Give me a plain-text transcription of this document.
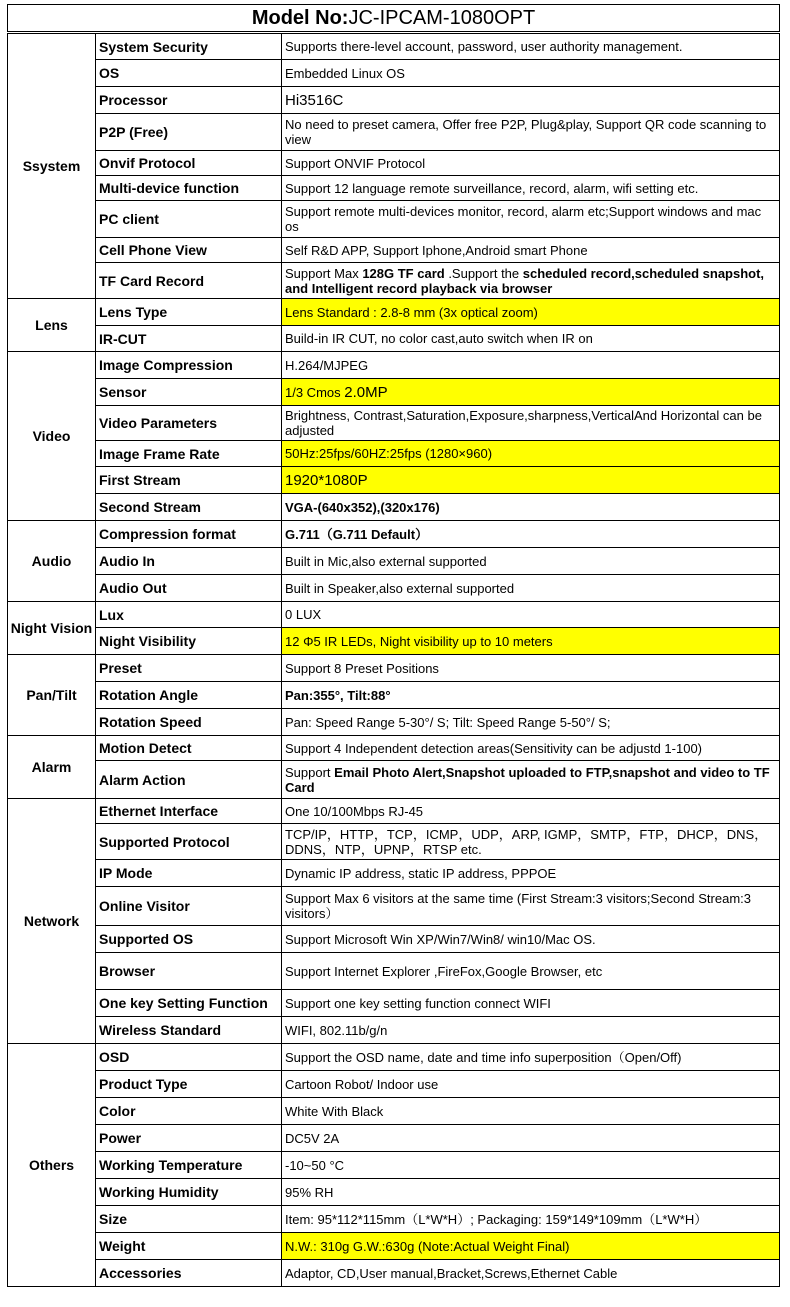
Model No:JC-IPCAM-1080OPT
Ssystem	System Security	Supports there-level account, password, user authority management.
	OS	Embedded Linux OS
	Processor	Hi3516C
	P2P (Free)	No need to preset camera, Offer free P2P, Plug&play, Support QR code scanning to view
	Onvif Protocol	Support ONVIF Protocol
	Multi-device function	Support 12 language remote surveillance, record, alarm, wifi setting etc.
	PC client	Support remote multi-devices monitor, record, alarm etc;Support windows and mac os
	Cell Phone View	Self R&D APP, Support Iphone,Android smart Phone
	TF Card Record	Support Max 128G TF card .Support the scheduled record,scheduled snapshot, and Intelligent record playback via browser
Lens	Lens Type	Lens Standard : 2.8-8 mm (3x optical zoom)
	IR-CUT	Build-in IR CUT, no color cast,auto switch when IR on
Video	Image Compression	H.264/MJPEG
	Sensor	1/3 Cmos 2.0MP
	Video Parameters	Brightness, Contrast,Saturation,Exposure,sharpness,VerticalAnd Horizontal can be adjusted
	Image Frame Rate	50Hz:25fps/60HZ:25fps (1280×960)
	First Stream	1920*1080P
	Second Stream	VGA-(640x352),(320x176)
Audio	Compression format	G.711（G.711 Default）
	Audio In	Built in Mic,also external supported
	Audio Out	Built in Speaker,also external supported
Night Vision	Lux	0 LUX
	Night Visibility	12 Φ5 IR LEDs, Night visibility up to 10 meters
Pan/Tilt	Preset	Support 8 Preset Positions
	Rotation Angle	Pan:355°, Tilt:88°
	Rotation Speed	Pan: Speed Range 5-30°/ S; Tilt: Speed Range 5-50°/ S;
Alarm	Motion Detect	Support 4 Independent detection areas(Sensitivity can be adjustd 1-100)
	Alarm Action	Support Email Photo Alert,Snapshot uploaded to FTP,snapshot and video to TF Card
Network	Ethernet Interface	One 10/100Mbps RJ-45
	Supported Protocol	TCP/IP，HTTP，TCP，ICMP，UDP，ARP, IGMP，SMTP，FTP，DHCP，DNS，DDNS，NTP，UPNP，RTSP etc.
	IP Mode	Dynamic IP address, static IP address, PPPOE
	Online Visitor	Support Max 6 visitors at the same time (First Stream:3 visitors;Second Stream:3 visitors）
	Supported OS	Support Microsoft Win XP/Win7/Win8/ win10/Mac OS.
	Browser	Support Internet Explorer ,FireFox,Google Browser, etc
	One key Setting Function	Support one key setting function connect WIFI
	Wireless Standard	WIFI, 802.11b/g/n
Others	OSD	Support the OSD name, date and time info superposition（Open/Off)
	Product Type	Cartoon Robot/ Indoor use
	Color	White With Black
	Power	DC5V 2A
	Working Temperature	-10~50 °C
	Working Humidity	95% RH
	Size	Item: 95*112*115mm（L*W*H）; Packaging: 159*149*109mm（L*W*H）
	Weight	N.W.: 310g G.W.:630g (Note:Actual Weight Final)
	Accessories	Adaptor, CD,User manual,Bracket,Screws,Ethernet Cable
